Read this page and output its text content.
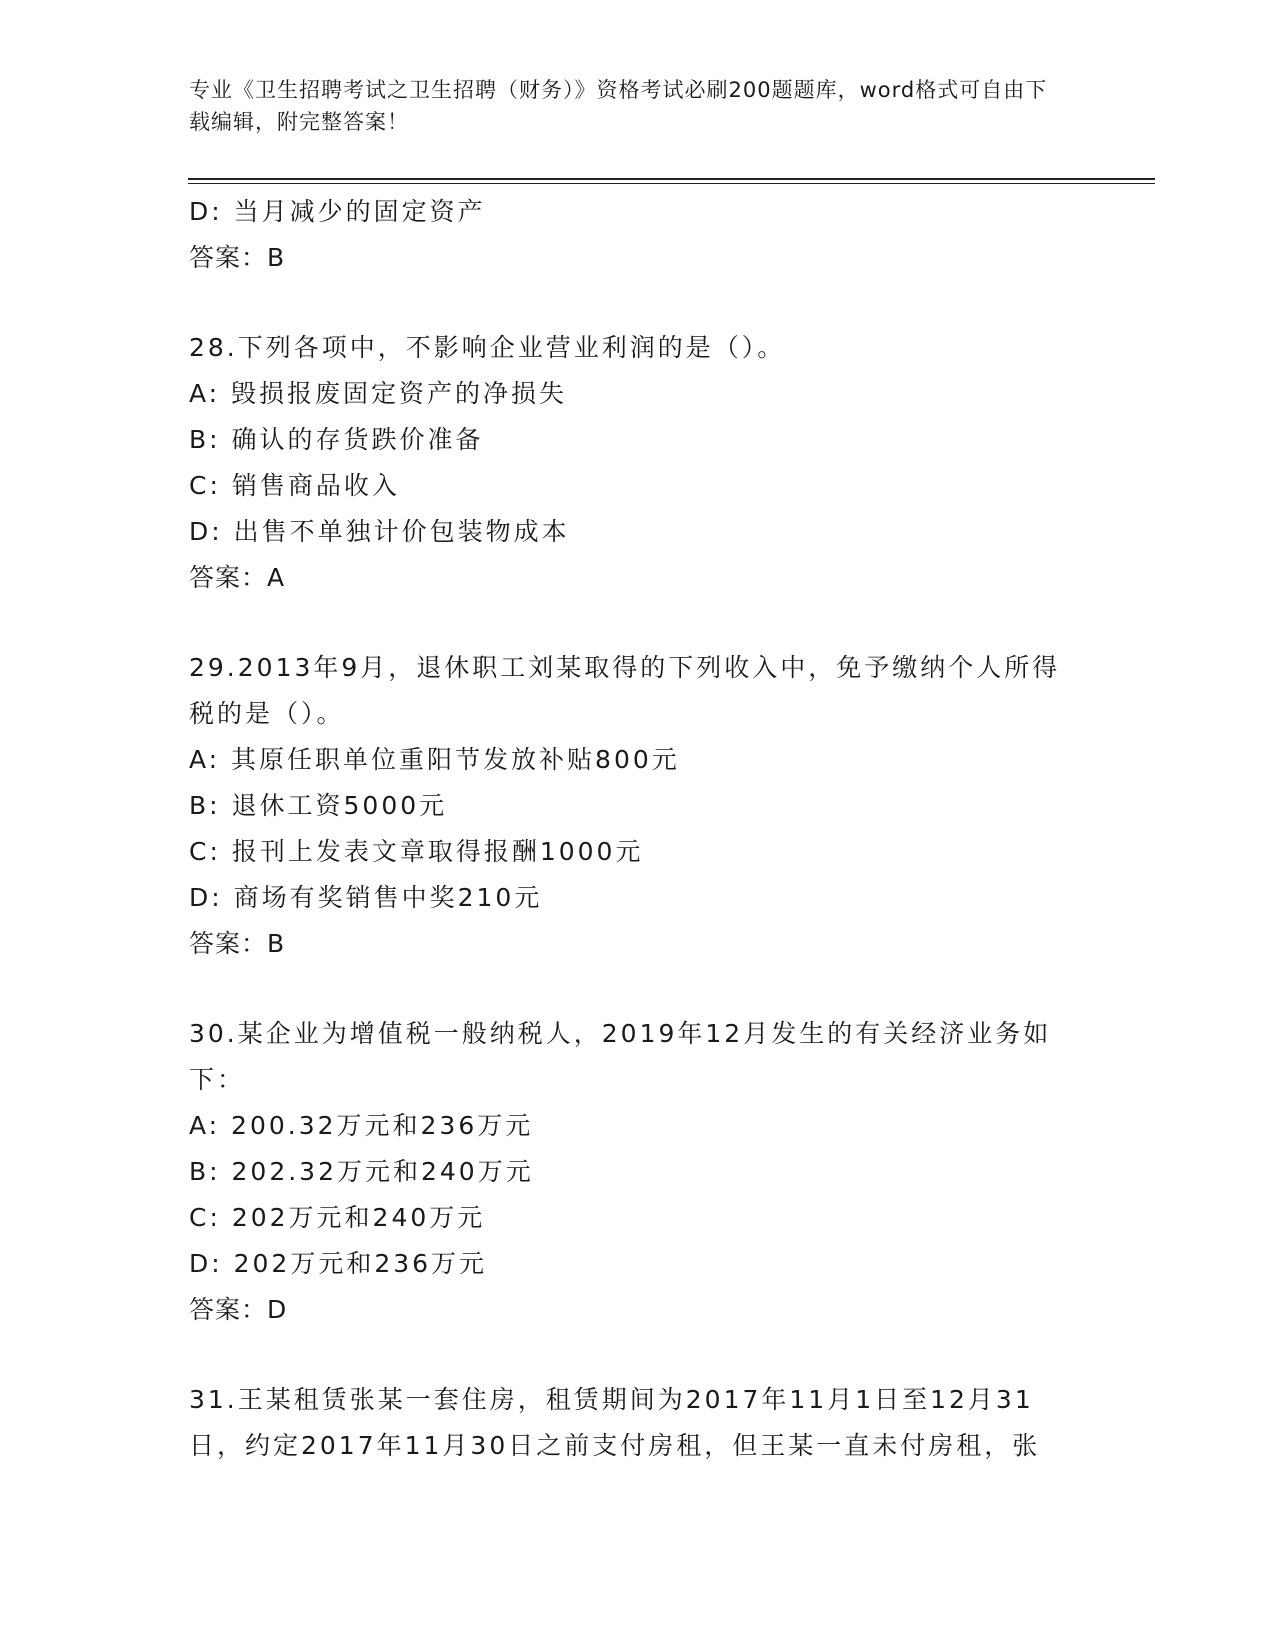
专业《卫生招聘考试之卫生招聘（财务）》资格考试必刷200题题库，word格式可自由下载编辑，附完整答案！
D: 当月减少的固定资产
答案：B
28.下列各项中，不影响企业营业利润的是（）。
A: 毁损报废固定资产的净损失
B: 确认的存货跌价准备
C: 销售商品收入
D: 出售不单独计价包装物成本
答案：A
29.2013年9月，退休职工刘某取得的下列收入中，免予缴纳个人所得
税的是（）。
A: 其原任职单位重阳节发放补贴800元
B: 退休工资5000元
C: 报刊上发表文章取得报酬1000元
D: 商场有奖销售中奖210元
答案：B
30.某企业为增值税一般纳税人，2019年12月发生的有关经济业务如
下：
A: 200.32万元和236万元
B: 202.32万元和240万元
C: 202万元和240万元
D: 202万元和236万元
答案：D
31.王某租赁张某一套住房，租赁期间为2017年11月1日至12月31
日，约定2017年11月30日之前支付房租，但王某一直未付房租，张
